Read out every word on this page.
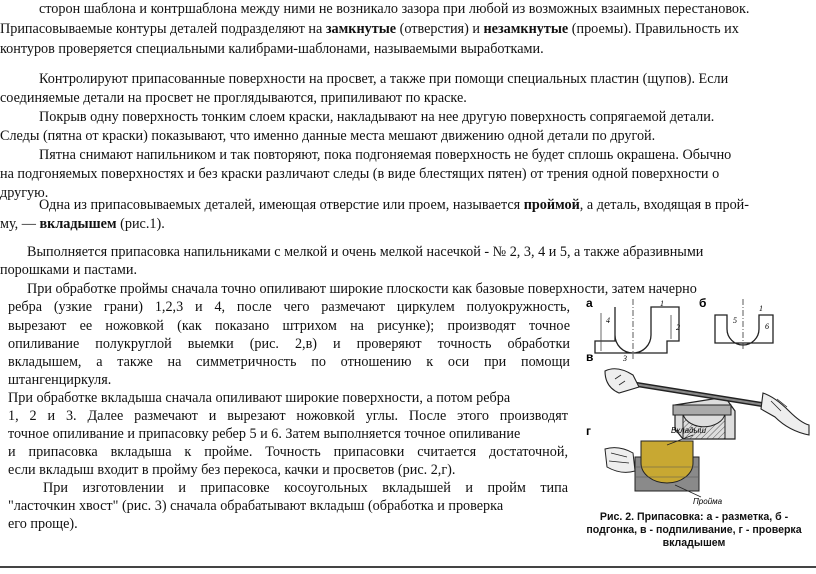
сторон шаблона и контршаблона между ними не возникало зазора при любой из возможных взаимных перестановок.
Припасовываемые контуры деталей подразделяют на замкнутые (отверстия) и незамкнутые (проемы). Правильность их
контуров проверяется специальными калибрами-шаблонами, называемыми выработками.
Контролируют припасованные поверхности на просвет, а также при помощи специальных пластин (щупов). Если
соединяемые детали на просвет не проглядываются, припиливают по краске.
Покрыв одну поверхность тонким слоем краски, накладывают на нее другую поверхность сопрягаемой детали.
Следы (пятна от краски) показывают, что именно данные места мешают движению одной детали по другой.
Пятна снимают напильником и так повторяют, пока подгоняемая поверхность не будет сплошь окрашена. Обычно
на подгоняемых поверхностях и без краски различают следы (в виде блестящих пятен) от трения одной поверхности о
другую.
Одна из припасовываемых деталей, имеющая отверстие или проем, называется проймой, а деталь, входящая в прой-
му, — вкладышем (рис.1).
Выполняется припасовка напильниками с мелкой и очень мелкой насечкой - № 2, 3, 4 и 5, а также абразивными
порошками и пастами.
При обработке проймы сначала точно опиливают широкие плоскости как базовые поверхности, затем начерно
ребра (узкие грани) 1,2,3 и 4, после чего размечают циркулем полуокружность,
вырезают ее ножовкой (как показано штрихом на рисунке); производят точное
опиливание полукруглой выемки (рис. 2,в) и проверяют точность обработки
вкладышем, а также на симметричность по отношению к оси при помощи
штангенциркуля.
При обработке вкладыша сначала опиливают широкие поверхности, а потом ребра
1, 2 и 3. Далее размечают и вырезают ножовкой углы. После этого производят
точное опиливание и припасовку ребер 5 и 6. Затем выполняется точное опиливание
и припасовка вкладыша к пройме. Точность припасовки считается достаточной,
если вкладыш входит в пройму без перекоса, качки и просветов (рис. 2,г).
При изготовлении и припасовке косоугольных вкладышей и пройм типа
"ласточкин хвост" (рис. 3) сначала обрабатывают вкладыш (обработка и проверка
его проще).
а
4
1
2
3
б	1
5
6
в
г	Вкладыш
Пройма
Рис. 2. Припасовка: а - разметка, б - подгонка, в - подпиливание, г - проверка вкладышем
